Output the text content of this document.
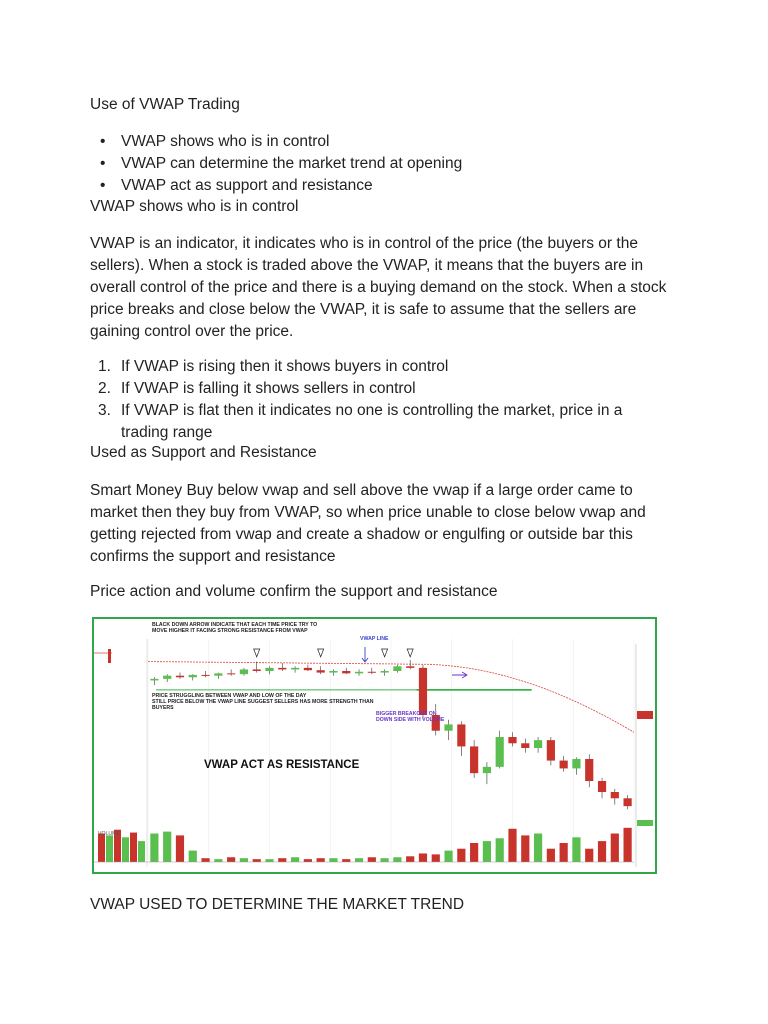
Use of VWAP Trading
• VWAP shows who is in control
• VWAP can determine the market trend at opening
• VWAP act as support and resistance
VWAP shows who is in control
VWAP is an indicator, it indicates who is in control of the price (the buyers or the
sellers). When a stock is traded above the VWAP, it means that the buyers are in
overall control of the price and there is a buying demand on the stock. When a stock
price breaks and close below the VWAP, it is safe to assume that the sellers are
gaining control over the price.
1. If VWAP is rising then it shows buyers in control
2. If VWAP is falling it shows sellers in control
3. If VWAP is flat then it indicates no one is controlling the market, price in a
trading range
Used as Support and Resistance
Smart Money Buy below vwap and sell above the vwap if a large order came to
market then they buy from VWAP, so when price unable to close below vwap and
getting rejected from vwap and create a shadow or engulfing or outside bar this
confirms the support and resistance
Price action and volume confirm the support and resistance
VWAP USED TO DETERMINE THE MARKET TREND
BLACK DOWN ARROW INDICATE THAT EACH TIME PRICE TRY TO
MOVE HIGHER IT FACING STRONG RESISTANCE FROM VWAP
VWAP LINE
PRICE STRUGGLING BETWEEN VWAP AND LOW OF THE DAY
STILL PRICE BELOW THE VWAP LINE SUGGEST SELLERS HAS MORE STRENGTH THAN
BUYERS
BIGGER BREAKOUT ON
DOWN SIDE WITH VOLUME
VWAP ACT AS RESISTANCE
VOLUME
